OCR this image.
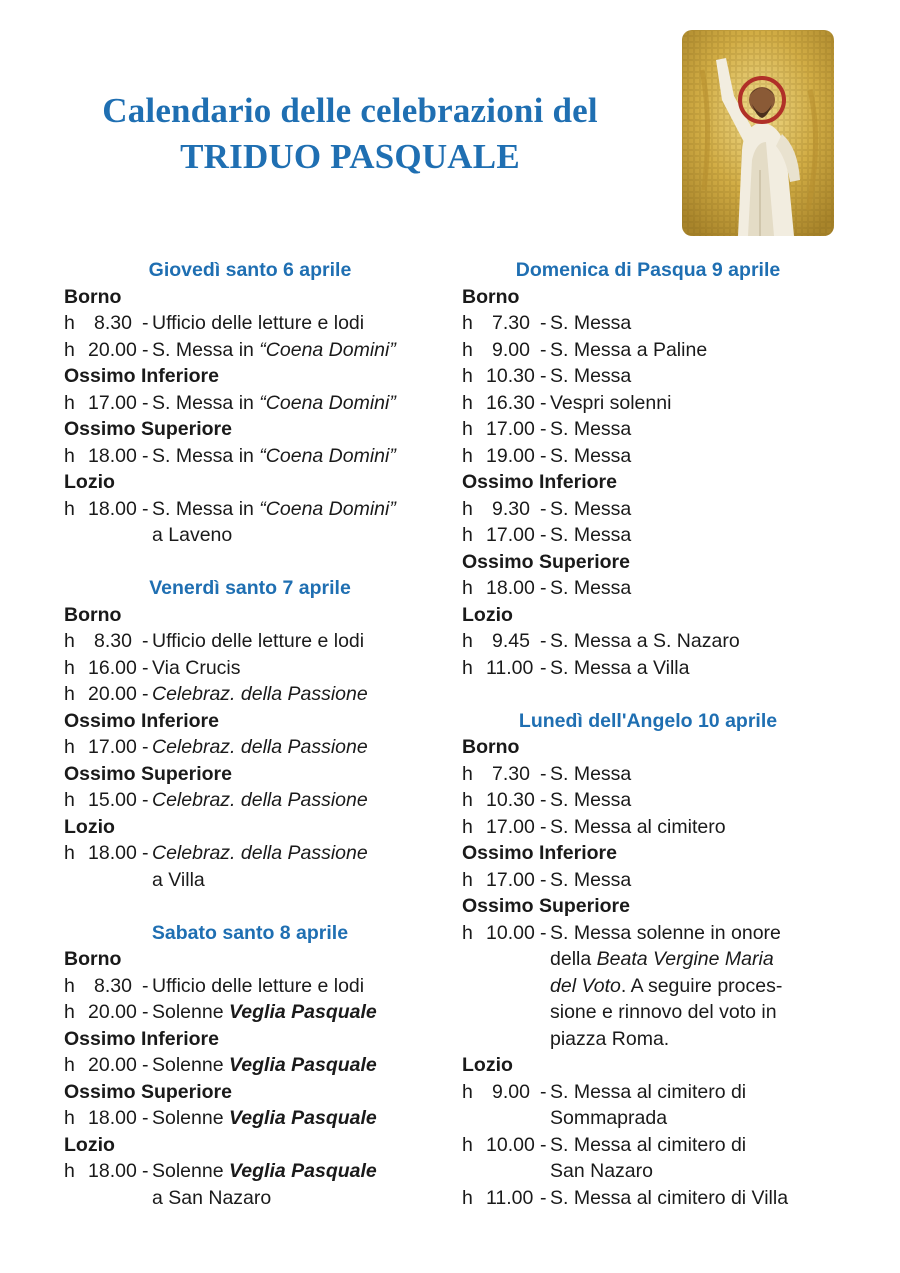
Calendario delle celebrazioni del
TRIDUO PASQUALE
Giovedì santo 6 aprile
Borno
h 8.30 - Ufficio delle letture e lodi
h 20.00 - S. Messa in “Coena Domini”
Ossimo Inferiore
h 17.00 - S. Messa in “Coena Domini”
Ossimo Superiore
h 18.00 - S. Messa in “Coena Domini”
Lozio
h 18.00 - S. Messa in “Coena Domini”
a Laveno
Venerdì santo 7 aprile
Borno
h 8.30 - Ufficio delle letture e lodi
h 16.00 - Via Crucis
h 20.00 - Celebraz. della Passione
Ossimo Inferiore
h 17.00 - Celebraz. della Passione
Ossimo Superiore
h 15.00 - Celebraz. della Passione
Lozio
h 18.00 - Celebraz. della Passione
a Villa
Sabato santo 8 aprile
Borno
h 8.30 - Ufficio delle letture e lodi
h 20.00 - Solenne Veglia Pasquale
Ossimo Inferiore
h 20.00 - Solenne Veglia Pasquale
Ossimo Superiore
h 18.00 - Solenne Veglia Pasquale
Lozio
h 18.00 - Solenne Veglia Pasquale
a San Nazaro
Domenica di Pasqua 9 aprile
Borno
h 7.30 - S. Messa
h 9.00 - S. Messa a Paline
h 10.30 - S. Messa
h 16.30 - Vespri solenni
h 17.00 - S. Messa
h 19.00 - S. Messa
Ossimo Inferiore
h 9.30 - S. Messa
h 17.00 - S. Messa
Ossimo Superiore
h 18.00 - S. Messa
Lozio
h 9.45 - S. Messa a S. Nazaro
h 11.00 - S. Messa a Villa
Lunedì dell'Angelo 10 aprile
Borno
h 7.30 - S. Messa
h 10.30 - S. Messa
h 17.00 - S. Messa al cimitero
Ossimo Inferiore
h 17.00 - S. Messa
Ossimo Superiore
h 10.00 - S. Messa solenne in onore
della Beata Vergine Maria
del Voto. A seguire proces-
sione e rinnovo del voto in
piazza Roma.
Lozio
h 9.00 - S. Messa al cimitero di
Sommaprada
h 10.00 - S. Messa al cimitero di
San Nazaro
h 11.00 - S. Messa al cimitero di Villa
